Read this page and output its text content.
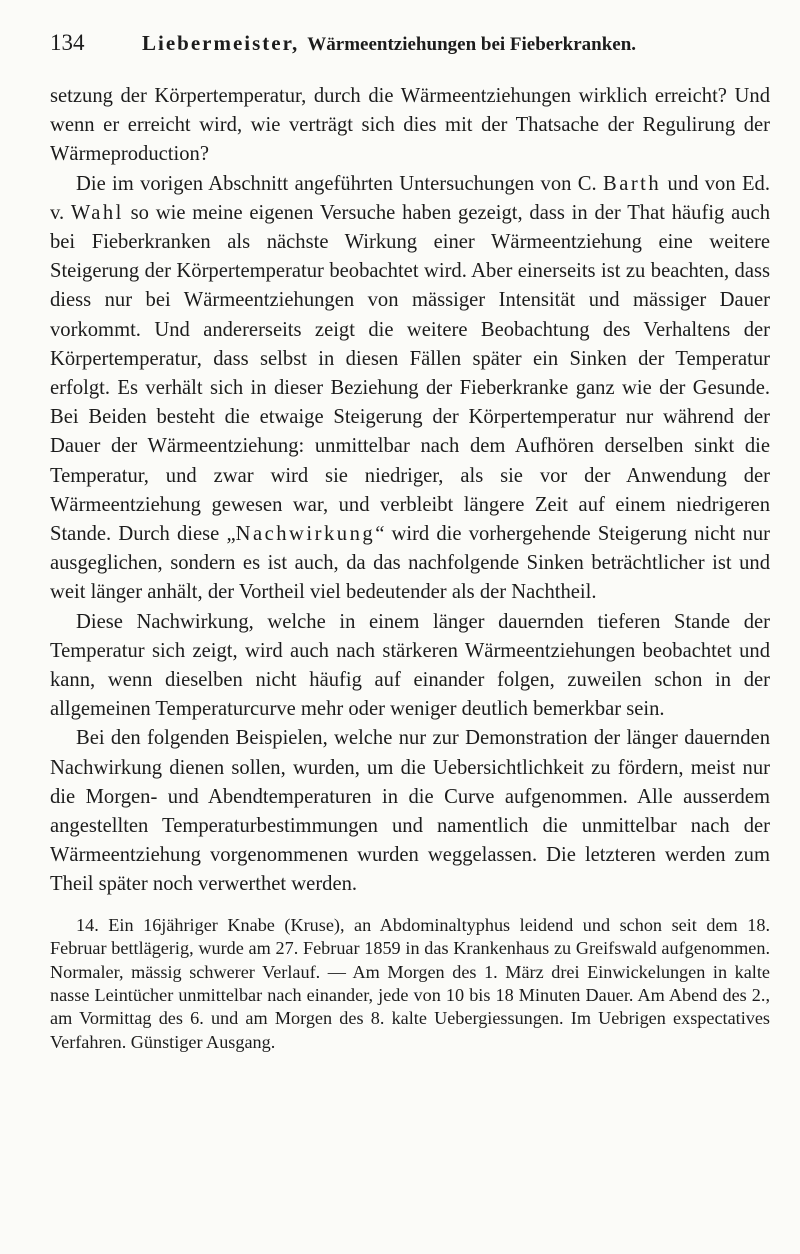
134	Liebermeister, Wärmeentziehungen bei Fieberkranken.

setzung der Körpertemperatur, durch die Wärmeentziehungen wirklich erreicht? Und wenn er erreicht wird, wie verträgt sich dies mit der Thatsache der Regulirung der Wärmeproduction?

Die im vorigen Abschnitt angeführten Untersuchungen von C. Barth und von Ed. v. Wahl so wie meine eigenen Versuche haben gezeigt, dass in der That häufig auch bei Fieberkranken als nächste Wirkung einer Wärmeentziehung eine weitere Steigerung der Körpertemperatur beobachtet wird. Aber einerseits ist zu beachten, dass diess nur bei Wärmeentziehungen von mässiger Intensität und mässiger Dauer vorkommt. Und andererseits zeigt die weitere Beobachtung des Verhaltens der Körpertemperatur, dass selbst in diesen Fällen später ein Sinken der Temperatur erfolgt. Es verhält sich in dieser Beziehung der Fieberkranke ganz wie der Gesunde. Bei Beiden besteht die etwaige Steigerung der Körpertemperatur nur während der Dauer der Wärmeentziehung: unmittelbar nach dem Aufhören derselben sinkt die Temperatur, und zwar wird sie niedriger, als sie vor der Anwendung der Wärmeentziehung gewesen war, und verbleibt längere Zeit auf einem niedrigeren Stande. Durch diese „Nachwirkung“ wird die vorhergehende Steigerung nicht nur ausgeglichen, sondern es ist auch, da das nachfolgende Sinken beträchtlicher ist und weit länger anhält, der Vortheil viel bedeutender als der Nachtheil.

Diese Nachwirkung, welche in einem länger dauernden tieferen Stande der Temperatur sich zeigt, wird auch nach stärkeren Wärmeentziehungen beobachtet und kann, wenn dieselben nicht häufig auf einander folgen, zuweilen schon in der allgemeinen Temperaturcurve mehr oder weniger deutlich bemerkbar sein.

Bei den folgenden Beispielen, welche nur zur Demonstration der länger dauernden Nachwirkung dienen sollen, wurden, um die Uebersichtlichkeit zu fördern, meist nur die Morgen- und Abendtemperaturen in die Curve aufgenommen. Alle ausserdem angestellten Temperaturbestimmungen und namentlich die unmittelbar nach der Wärmeentziehung vorgenommenen wurden weggelassen. Die letzteren werden zum Theil später noch verwerthet werden.

14. Ein 16jähriger Knabe (Kruse), an Abdominaltyphus leidend und schon seit dem 18. Februar bettlägerig, wurde am 27. Februar 1859 in das Krankenhaus zu Greifswald aufgenommen. Normaler, mässig schwerer Verlauf. — Am Morgen des 1. März drei Einwickelungen in kalte nasse Leintücher unmittelbar nach einander, jede von 10 bis 18 Minuten Dauer. Am Abend des 2., am Vormittag des 6. und am Morgen des 8. kalte Uebergiessungen. Im Uebrigen exspectatives Verfahren. Günstiger Ausgang.
